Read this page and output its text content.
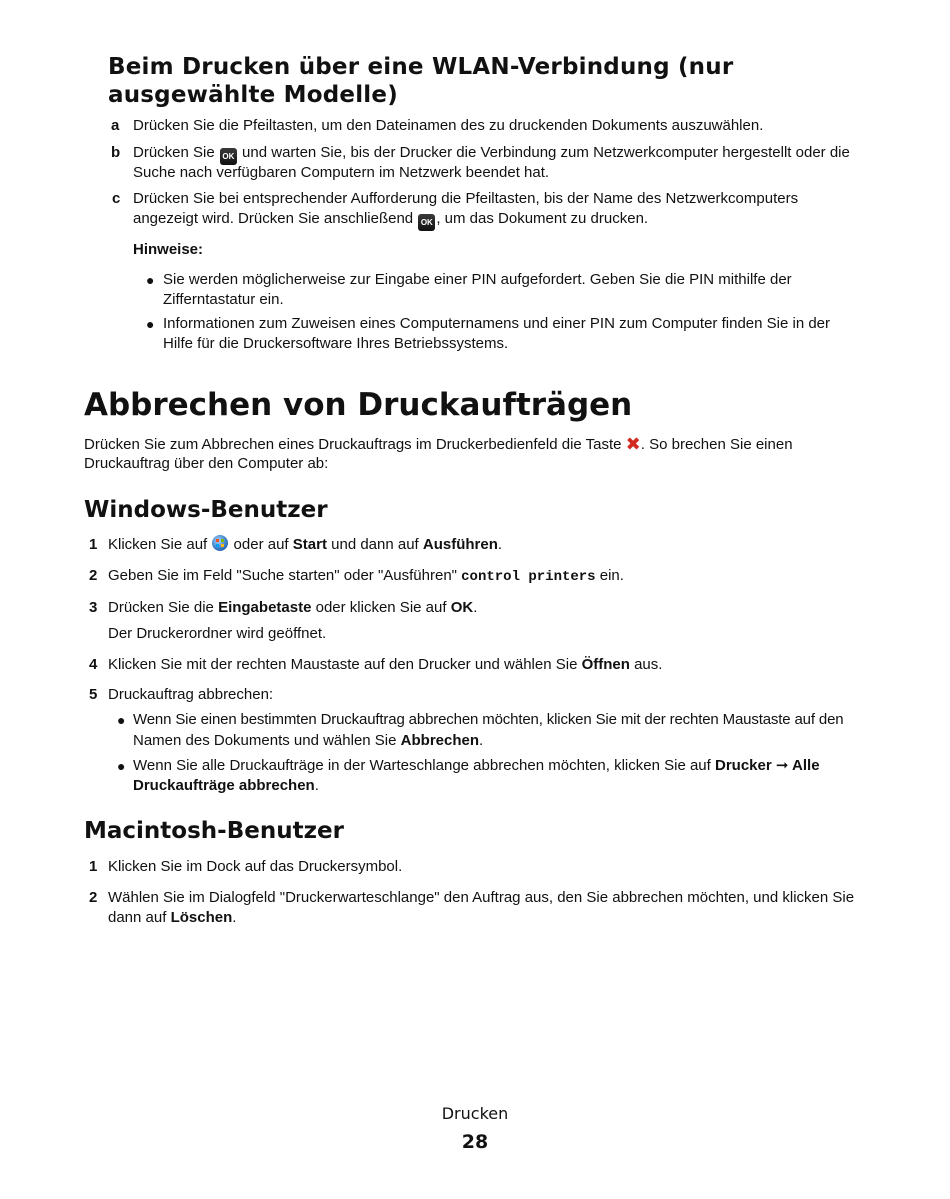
Beim Drucken über eine WLAN-Verbindung (nur ausgewählte Modelle)
a Drücken Sie die Pfeiltasten, um den Dateinamen des zu druckenden Dokuments auszuwählen.
b Drücken Sie OK und warten Sie, bis der Drucker die Verbindung zum Netzwerkcomputer hergestellt oder die
Suche nach verfügbaren Computern im Netzwerk beendet hat.
c Drücken Sie bei entsprechender Aufforderung die Pfeiltasten, bis der Name des Netzwerkcomputers
angezeigt wird. Drücken Sie anschließend OK , um das Dokument zu drucken.
Hinweise:
● Sie werden möglicherweise zur Eingabe einer PIN aufgefordert. Geben Sie die PIN mithilfe der
Zifferntastatur ein.
● Informationen zum Zuweisen eines Computernamens und einer PIN zum Computer finden Sie in der
Hilfe für die Druckersoftware Ihres Betriebssystems.
Abbrechen von Druckaufträgen
Drücken Sie zum Abbrechen eines Druckauftrags im Druckerbedienfeld die Taste ✖. So brechen Sie einen
Druckauftrag über den Computer ab:
Windows-Benutzer
1 Klicken Sie auf  oder auf Start und dann auf Ausführen.
2 Geben Sie im Feld "Suche starten" oder "Ausführen" control printers ein.
3 Drücken Sie die Eingabetaste oder klicken Sie auf OK.
Der Druckerordner wird geöffnet.
4 Klicken Sie mit der rechten Maustaste auf den Drucker und wählen Sie Öffnen aus.
5 Druckauftrag abbrechen:
● Wenn Sie einen bestimmten Druckauftrag abbrechen möchten, klicken Sie mit der rechten Maustaste auf den
Namen des Dokuments und wählen Sie Abbrechen.
● Wenn Sie alle Druckaufträge in der Warteschlange abbrechen möchten, klicken Sie auf Drucker ➞ Alle
Druckaufträge abbrechen.
Macintosh-Benutzer
1 Klicken Sie im Dock auf das Druckersymbol.
2 Wählen Sie im Dialogfeld "Druckerwarteschlange" den Auftrag aus, den Sie abbrechen möchten, und klicken Sie
dann auf Löschen.
Drucken
28
